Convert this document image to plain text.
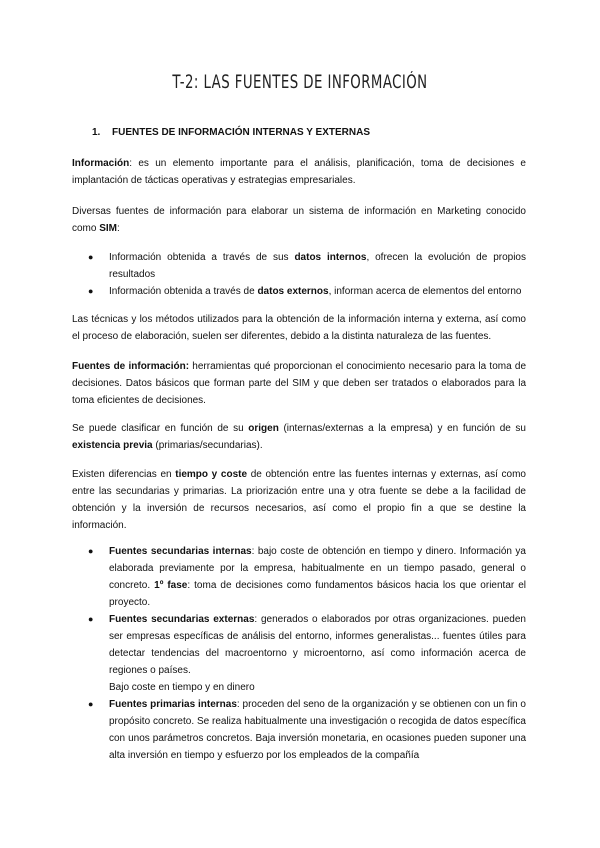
T-2: LAS FUENTES DE INFORMACIÓN
1. FUENTES DE INFORMACIÓN INTERNAS Y EXTERNAS

Información: es un elemento importante para el análisis, planificación, toma de decisiones e implantación de tácticas operativas y estrategias empresariales.

Diversas fuentes de información para elaborar un sistema de información en Marketing conocido como SIM:

● Información obtenida a través de sus datos internos, ofrecen la evolución de propios resultados
● Información obtenida a través de datos externos, informan acerca de elementos del entorno

Las técnicas y los métodos utilizados para la obtención de la información interna y externa, así como el proceso de elaboración, suelen ser diferentes, debido a la distinta naturaleza de las fuentes.

Fuentes de información: herramientas qué proporcionan el conocimiento necesario para la toma de decisiones. Datos básicos que forman parte del SIM y que deben ser tratados o elaborados para la toma eficientes de decisiones.

Se puede clasificar en función de su origen (internas/externas a la empresa) y en función de su existencia previa (primarias/secundarias).

Existen diferencias en tiempo y coste de obtención entre las fuentes internas y externas, así como entre las secundarias y primarias. La priorización entre una y otra fuente se debe a la facilidad de obtención y la inversión de recursos necesarios, así como el propio fin a que se destine la información.

● Fuentes secundarias internas: bajo coste de obtención en tiempo y dinero. Información ya elaborada previamente por la empresa, habitualmente en un tiempo pasado, general o concreto. 1º fase: toma de decisiones como fundamentos básicos hacia los que orientar el proyecto.
● Fuentes secundarias externas: generados o elaborados por otras organizaciones. pueden ser empresas específicas de análisis del entorno, informes generalistas... fuentes útiles para detectar tendencias del macroentorno y microentorno, así como información acerca de regiones o países.
Bajo coste en tiempo y en dinero
● Fuentes primarias internas: proceden del seno de la organización y se obtienen con un fin o propósito concreto. Se realiza habitualmente una investigación o recogida de datos específica con unos parámetros concretos. Baja inversión monetaria, en ocasiones pueden suponer una alta inversión en tiempo y esfuerzo por los empleados de la compañía
